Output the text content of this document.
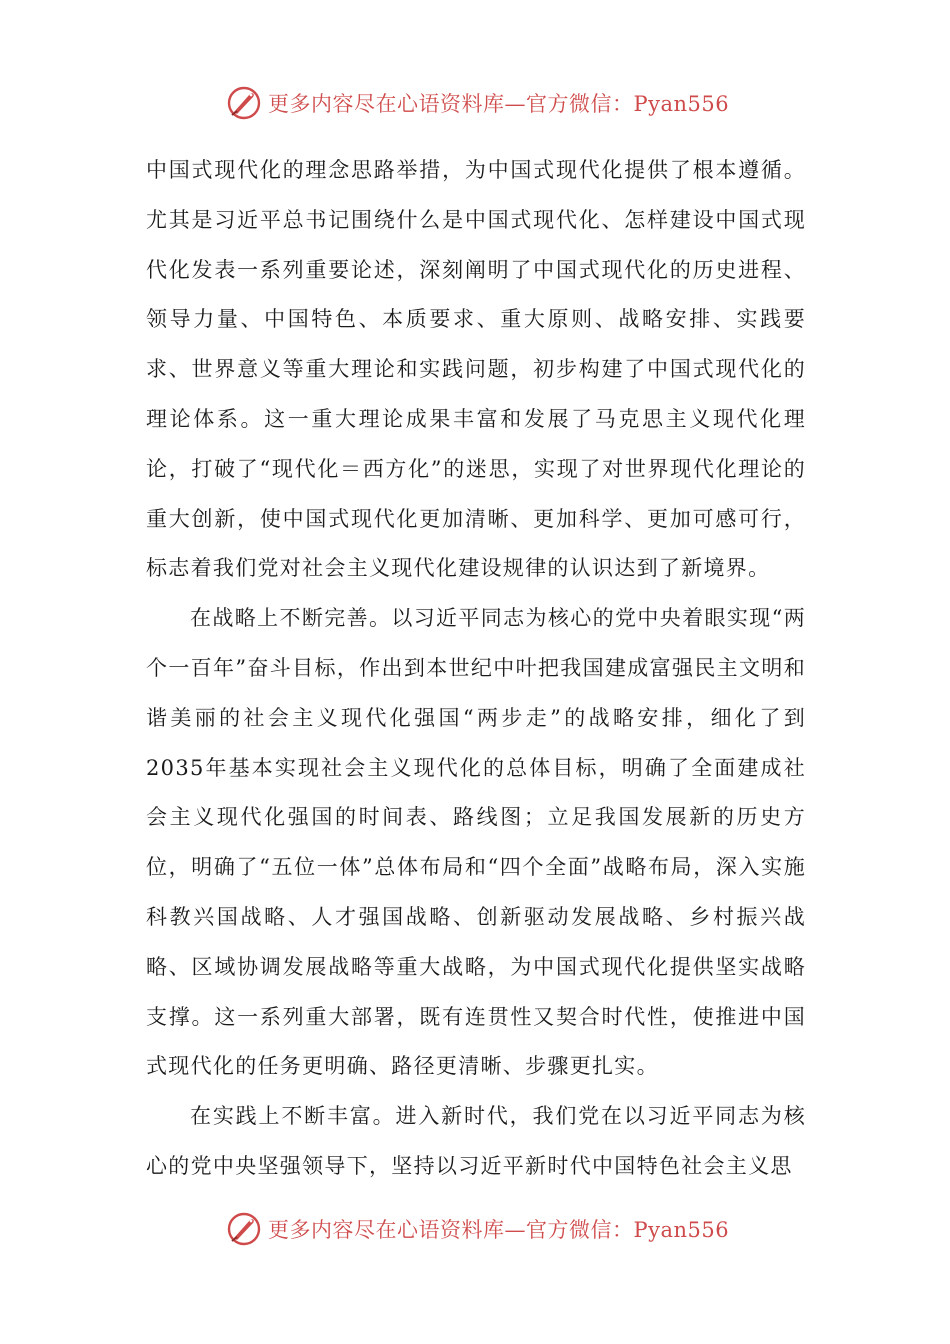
更多内容尽在心语资料库—官方微信：Pyan556

中国式现代化的理念思路举措，为中国式现代化提供了根本遵循。尤其是习近平总书记围绕什么是中国式现代化、怎样建设中国式现代化发表一系列重要论述，深刻阐明了中国式现代化的历史进程、领导力量、中国特色、本质要求、重大原则、战略安排、实践要求、世界意义等重大理论和实践问题，初步构建了中国式现代化的理论体系。这一重大理论成果丰富和发展了马克思主义现代化理论，打破了“现代化＝西方化”的迷思，实现了对世界现代化理论的重大创新，使中国式现代化更加清晰、更加科学、更加可感可行，标志着我们党对社会主义现代化建设规律的认识达到了新境界。

在战略上不断完善。以习近平同志为核心的党中央着眼实现“两个一百年”奋斗目标，作出到本世纪中叶把我国建成富强民主文明和谐美丽的社会主义现代化强国“两步走”的战略安排，细化了到2035年基本实现社会主义现代化的总体目标，明确了全面建成社会主义现代化强国的时间表、路线图；立足我国发展新的历史方位，明确了“五位一体”总体布局和“四个全面”战略布局，深入实施科教兴国战略、人才强国战略、创新驱动发展战略、乡村振兴战略、区域协调发展战略等重大战略，为中国式现代化提供坚实战略支撑。这一系列重大部署，既有连贯性又契合时代性，使推进中国式现代化的任务更明确、路径更清晰、步骤更扎实。

在实践上不断丰富。进入新时代，我们党在以习近平同志为核心的党中央坚强领导下，坚持以习近平新时代中国特色社会主义思

更多内容尽在心语资料库—官方微信：Pyan556
